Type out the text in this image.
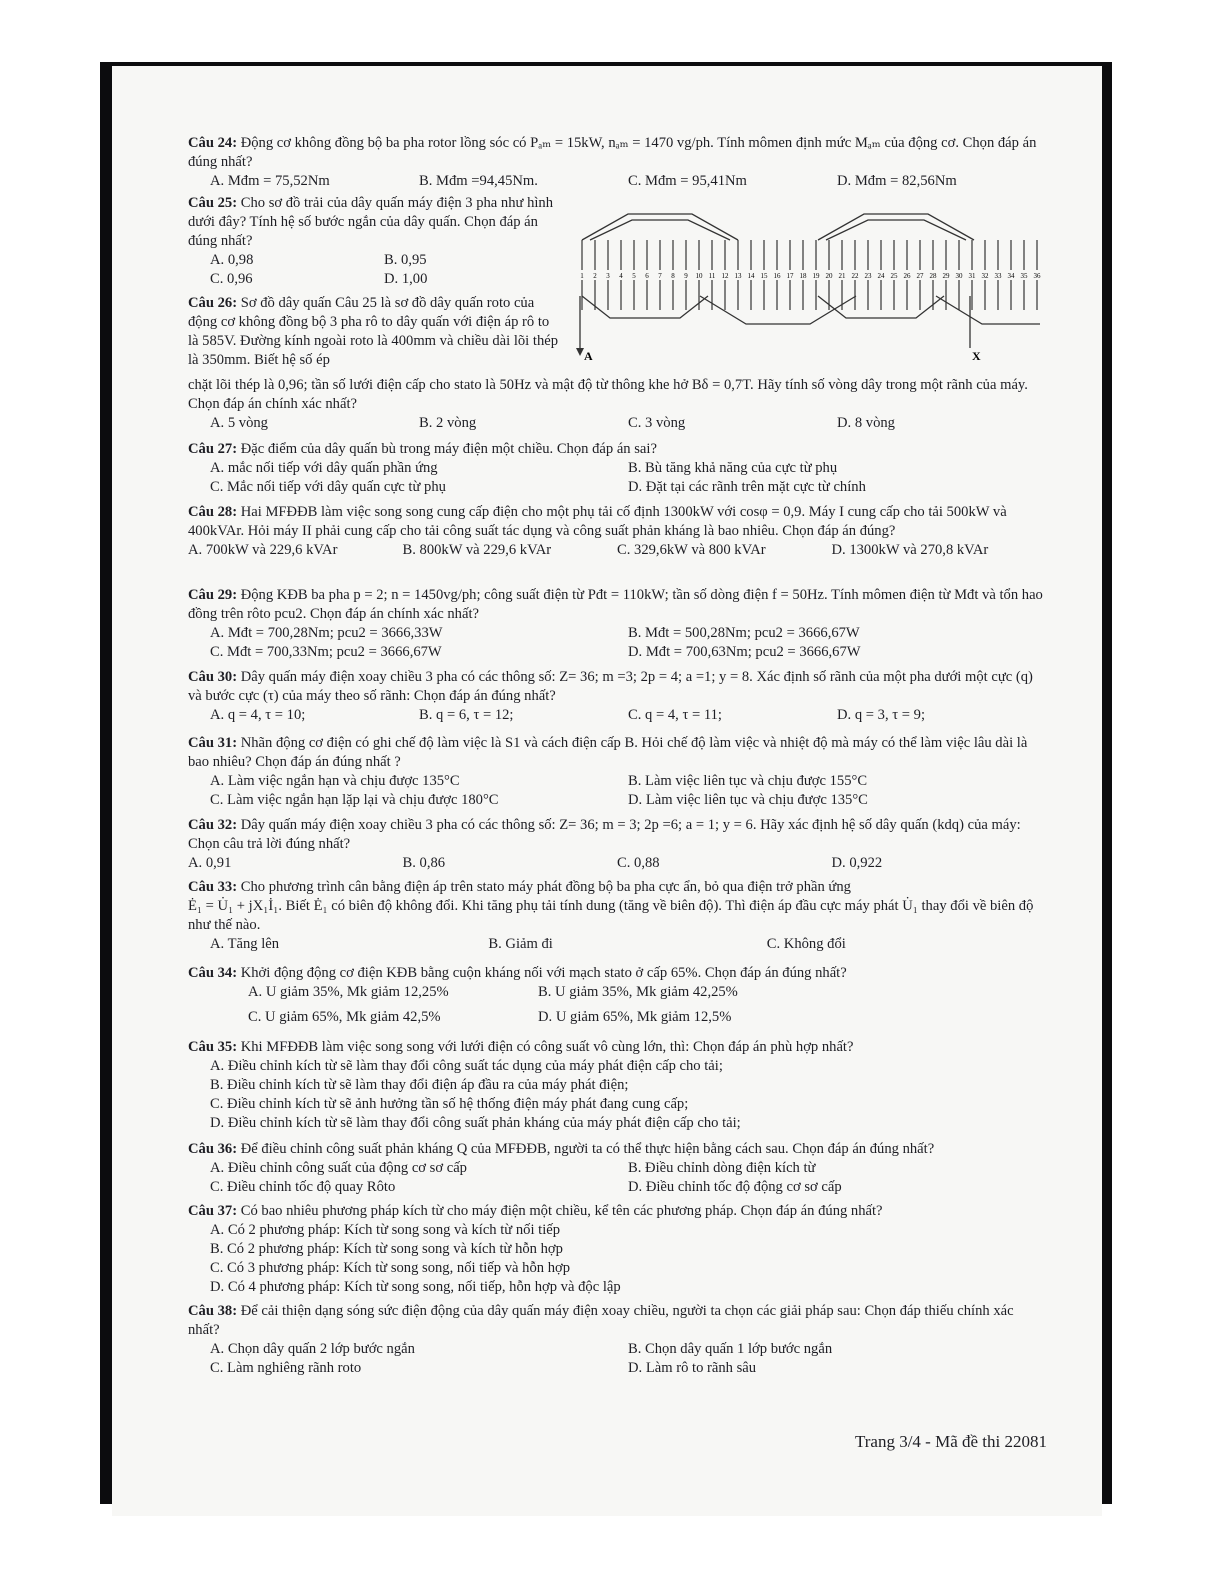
Câu 24: Động cơ không đồng bộ ba pha rotor lồng sóc có Pₐₘ = 15kW, nₐₘ = 1470 vg/ph. Tính mômen định mức Mₐₘ của động cơ. Chọn đáp án đúng nhất?
A. Mđm = 75,52Nm	B. Mđm =94,45Nm.	C. Mđm = 95,41Nm	D. Mđm = 82,56Nm
Câu 25: Cho sơ đồ trải của dây quấn máy điện 3 pha như hình dưới đây? Tính hệ số bước ngắn của dây quấn. Chọn đáp án đúng nhất?
A. 0,98	B. 0,95
C. 0,96	D. 1,00	1 2 3 4 5 6 7 8 9 10 11 12 13 14 15 16 17 18 19 20 21 22 23 24 25 26 27 28 29 30 31 32 33 34 35 36
A	X
Câu 26: Sơ đồ dây quấn Câu 25 là sơ đồ dây quấn roto của động cơ không đồng bộ 3 pha rô to dây quấn với điện áp rô to là 585V. Đường kính ngoài roto là 400mm và chiều dài lõi thép là 350mm. Biết hệ số ép
chặt lõi thép là 0,96; tần số lưới điện cấp cho stato là 50Hz và mật độ từ thông khe hở Bδ = 0,7T. Hãy tính số vòng dây trong một rãnh của máy. Chọn đáp án chính xác nhất?
A. 5 vòng	B. 2 vòng	C. 3 vòng	D. 8 vòng
Câu 27: Đặc điểm của dây quấn bù trong máy điện một chiều. Chọn đáp án sai?
A. mắc nối tiếp với dây quấn phần ứng	B. Bù tăng khả năng của cực từ phụ
C. Mắc nối tiếp với dây quấn cực từ phụ	D. Đặt tại các rãnh trên mặt cực từ chính
Câu 28: Hai MFĐĐB làm việc song song cung cấp điện cho một phụ tải cố định 1300kW với cosφ = 0,9. Máy I cung cấp cho tải 500kW và 400kVAr. Hỏi máy II phải cung cấp cho tải công suất tác dụng và công suất phản kháng là bao nhiêu. Chọn đáp án đúng?
A. 700kW và 229,6 kVAr	B. 800kW và 229,6 kVAr	C. 329,6kW và 800 kVAr	D. 1300kW và 270,8 kVAr
Câu 29: Động KĐB ba pha p = 2; n = 1450vg/ph; công suất điện từ Pđt = 110kW; tần số dòng điện f = 50Hz. Tính mômen điện từ Mđt và tổn hao đồng trên rôto pcu2. Chọn đáp án chính xác nhất?
A. Mđt = 700,28Nm; pcu2 = 3666,33W	B. Mđt = 500,28Nm; pcu2 = 3666,67W
C. Mđt = 700,33Nm; pcu2 = 3666,67W	D. Mđt = 700,63Nm; pcu2 = 3666,67W
Câu 30: Dây quấn máy điện xoay chiều 3 pha có các thông số: Z= 36; m =3; 2p = 4; a =1; y = 8. Xác định số rãnh của một pha dưới một cực (q) và bước cực (τ) của máy theo số rãnh: Chọn đáp án đúng nhất?
A. q = 4, τ = 10;	B. q = 6, τ = 12;	C. q = 4, τ = 11;	D. q = 3, τ = 9;
Câu 31: Nhãn động cơ điện có ghi chế độ làm việc là S1 và cách điện cấp B. Hỏi chế độ làm việc và nhiệt độ mà máy có thể làm việc lâu dài là bao nhiêu? Chọn đáp án đúng nhất ?
A. Làm việc ngắn hạn và chịu được 135°C	B. Làm việc liên tục và chịu được 155°C
C. Làm việc ngắn hạn lặp lại và chịu được 180°C	D. Làm việc liên tục và chịu được 135°C
Câu 32: Dây quấn máy điện xoay chiều 3 pha có các thông số: Z= 36; m = 3; 2p =6; a = 1; y = 6. Hãy xác định hệ số dây quấn (kdq) của máy: Chọn câu trả lời đúng nhất?
A. 0,91	B. 0,86	C. 0,88	D. 0,922
Câu 33: Cho phương trình cân bằng điện áp trên stato máy phát đồng bộ ba pha cực ẩn, bỏ qua điện trở phần ứng
Ė₁ = U̇₁ + jX₁İ₁. Biết Ė₁ có biên độ không đổi. Khi tăng phụ tải tính dung (tăng về biên độ). Thì điện áp đầu cực máy phát U̇₁ thay đổi về biên độ như thế nào.
A. Tăng lên	B. Giảm đi	C. Không đổi
Câu 34: Khởi động động cơ điện KĐB bằng cuộn kháng nối với mạch stato ở cấp 65%. Chọn đáp án đúng nhất?
A. U giảm 35%, Mk giảm 12,25%	B. U giảm 35%, Mk giảm 42,25%
C. U giảm 65%, Mk giảm 42,5%	D. U giảm 65%, Mk giảm 12,5%
Câu 35: Khi MFĐĐB làm việc song song với lưới điện có công suất vô cùng lớn, thì: Chọn đáp án phù hợp nhất?
A. Điều chỉnh kích từ sẽ làm thay đổi công suất tác dụng của máy phát điện cấp cho tải;
B. Điều chỉnh kích từ sẽ làm thay đổi điện áp đầu ra của máy phát điện;
C. Điều chỉnh kích từ sẽ ảnh hưởng tần số hệ thống điện máy phát đang cung cấp;
D. Điều chỉnh kích từ sẽ làm thay đổi công suất phản kháng của máy phát điện cấp cho tải;
Câu 36: Để điều chỉnh công suất phản kháng Q của MFĐĐB, người ta có thể thực hiện bằng cách sau. Chọn đáp án đúng nhất?
A. Điều chỉnh công suất của động cơ sơ cấp	B. Điều chỉnh dòng điện kích từ
C. Điều chỉnh tốc độ quay Rôto	D. Điều chỉnh tốc độ động cơ sơ cấp
Câu 37: Có bao nhiêu phương pháp kích từ cho máy điện một chiều, kể tên các phương pháp. Chọn đáp án đúng nhất?
A. Có 2 phương pháp: Kích từ song song và kích từ nối tiếp
B. Có 2 phương pháp: Kích từ song song và kích từ hỗn hợp
C. Có 3 phương pháp: Kích từ song song, nối tiếp và hỗn hợp
D. Có 4 phương pháp: Kích từ song song, nối tiếp, hỗn hợp và độc lập
Câu 38: Để cải thiện dạng sóng sức điện động của dây quấn máy điện xoay chiều, người ta chọn các giải pháp sau: Chọn đáp thiếu chính xác nhất?
A. Chọn dây quấn 2 lớp bước ngắn	B. Chọn dây quấn 1 lớp bước ngắn
C. Làm nghiêng rãnh roto	D. Làm rô to rãnh sâu
Trang 3/4 - Mã đề thi 22081
